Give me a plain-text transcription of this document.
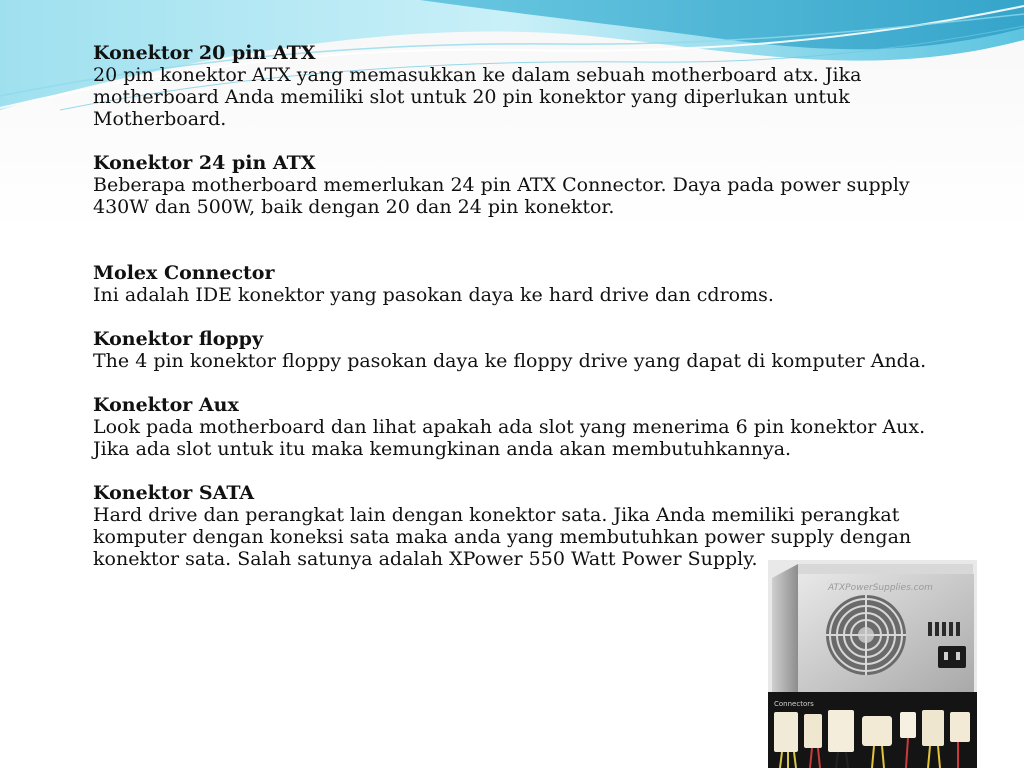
Konektor 20 pin ATX
20 pin konektor ATX yang memasukkan ke dalam sebuah motherboard atx. Jika
motherboard Anda memiliki slot untuk 20 pin konektor yang diperlukan untuk
Motherboard.
Konektor 24 pin ATX
Beberapa motherboard memerlukan 24 pin ATX Connector. Daya pada power supply
430W dan 500W, baik dengan 20 dan 24 pin konektor.
Molex Connector
Ini adalah IDE konektor yang pasokan daya ke hard drive dan cdroms.
Konektor floppy
The 4 pin konektor floppy pasokan daya ke floppy drive yang dapat di komputer Anda.
Konektor Aux
Look pada motherboard dan lihat apakah ada slot yang menerima 6 pin konektor Aux.
Jika ada slot untuk itu maka kemungkinan anda akan membutuhkannya.
Konektor SATA
Hard drive dan perangkat lain dengan konektor sata. Jika Anda memiliki perangkat
komputer dengan koneksi sata maka anda yang membutuhkan power supply dengan
konektor sata. Salah satunya adalah XPower 550 Watt Power Supply.
ATXPowerSupplies.com
Connectors
